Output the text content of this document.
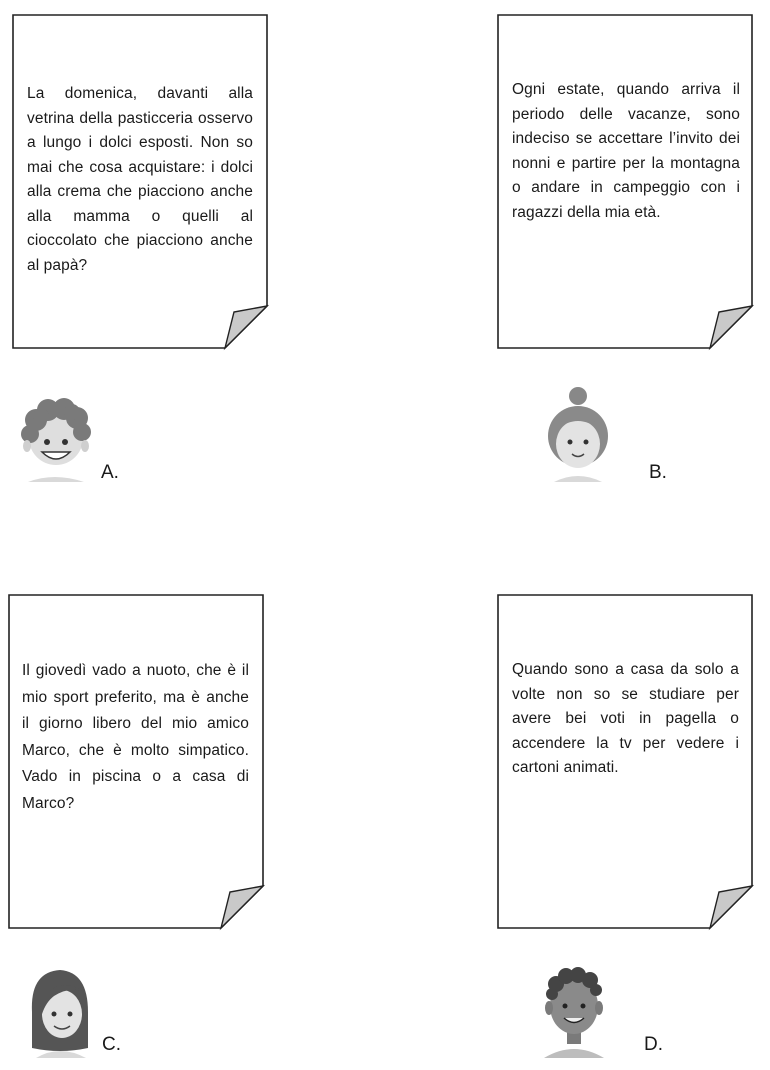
La domenica, davanti alla vetrina della pasticceria osservo a lungo i dolci esposti. Non so mai che cosa acquistare: i dolci alla crema che piacciono anche alla mamma o quelli al cioccolato che piacciono anche al papà?
A.
Ogni estate, quando arriva il periodo delle vacanze, sono indeciso se accettare l’invito dei nonni e partire per la montagna o andare in campeggio con i ragazzi della mia età.
B.
Il giovedì vado a nuoto, che è il mio sport preferito, ma è anche il giorno libero del mio amico Marco, che è molto simpatico. Vado in piscina o a casa di Marco?
C.
Quando sono a casa da solo a volte non so se studiare per avere bei voti in pagella o accendere la tv per vedere i cartoni animati.
D.
